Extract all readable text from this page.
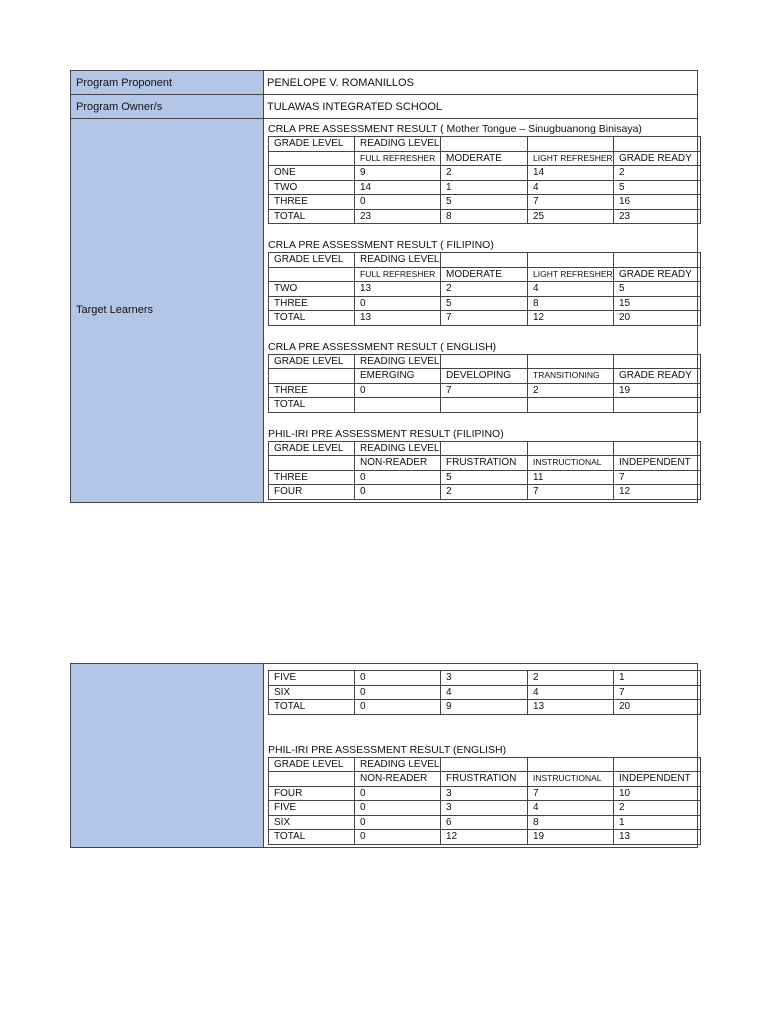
Program Proponent	PENELOPE V. ROMANILLOS
Program Owner/s	TULAWAS INTEGRATED SCHOOL
Target Learners	

CRLA PRE ASSESSMENT RESULT ( Mother Tongue – Sinugbuanong Binisaya)

GRADE LEVEL	READING LEVEL			
	FULL REFRESHER	MODERATE	LIGHT REFRESHER	GRADE READY
ONE	9	2	14	2
TWO	14	1	4	5
THREE	0	5	7	16
TOTAL	23	8	25	23

CRLA PRE ASSESSMENT RESULT ( FILIPINO)

GRADE LEVEL	READING LEVEL			
	FULL REFRESHER	MODERATE	LIGHT REFRESHER	GRADE READY
TWO	13	2	4	5
THREE	0	5	8	15
TOTAL	13	7	12	20

CRLA PRE ASSESSMENT RESULT ( ENGLISH)

GRADE LEVEL	READING LEVEL			
	EMERGING	DEVELOPING	TRANSITIONING	GRADE READY
THREE	0	7	2	19
TOTAL				

PHIL-IRI PRE ASSESSMENT RESULT (FILIPINO)

GRADE LEVEL	READING LEVEL			
	NON-READER	FRUSTRATION	INSTRUCTIONAL	INDEPENDENT
THREE	0	5	11	7
FOUR	0	2	7	12

FIVE	0	3	2	1
SIX	0	4	4	7
TOTAL	0	9	13	20

PHIL-IRI PRE ASSESSMENT RESULT (ENGLISH)

GRADE LEVEL	READING LEVEL			
	NON-READER	FRUSTRATION	INSTRUCTIONAL	INDEPENDENT
FOUR	0	3	7	10
FIVE	0	3	4	2
SIX	0	6	8	1
TOTAL	0	12	19	13
